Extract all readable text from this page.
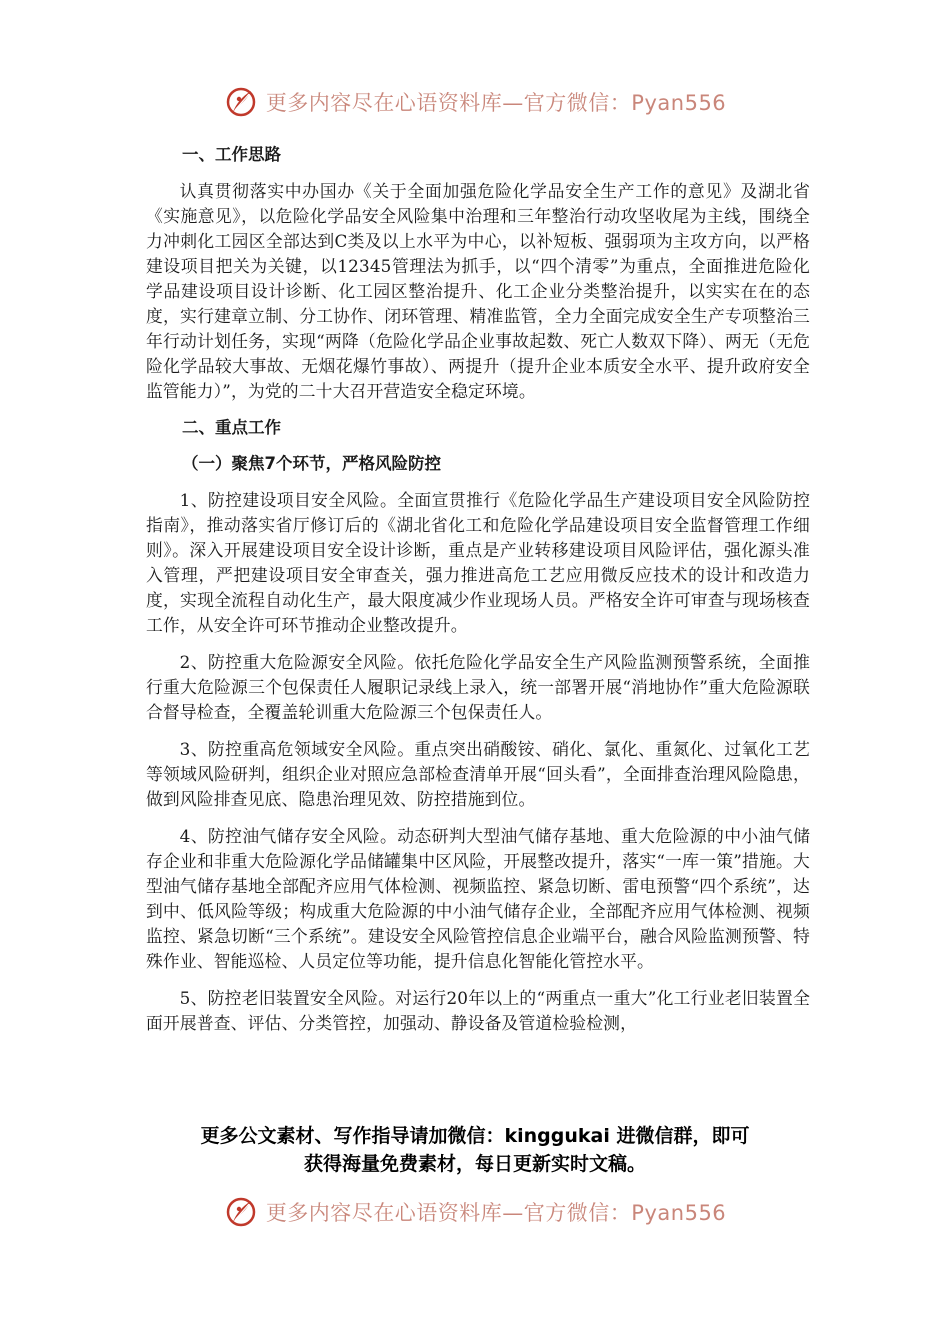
更多内容尽在心语资料库—官方微信：Pyan556
一、工作思路

认真贯彻落实中办国办《关于全面加强危险化学品安全生产工作的意见》及湖北省《实施意见》，以危险化学品安全风险集中治理和三年整治行动攻坚收尾为主线，围绕全力冲刺化工园区全部达到C类及以上水平为中心，以补短板、强弱项为主攻方向，以严格建设项目把关为关键，以12345管理法为抓手，以“四个清零”为重点，全面推进危险化学品建设项目设计诊断、化工园区整治提升、化工企业分类整治提升，以实实在在的态度，实行建章立制、分工协作、闭环管理、精准监管，全力全面完成安全生产专项整治三年行动计划任务，实现“两降（危险化学品企业事故起数、死亡人数双下降）、两无（无危险化学品较大事故、无烟花爆竹事故）、两提升（提升企业本质安全水平、提升政府安全监管能力）”，为党的二十大召开营造安全稳定环境。

二、重点工作
（一）聚焦7个环节，严格风险防控

1、防控建设项目安全风险。全面宣贯推行《危险化学品生产建设项目安全风险防控指南》，推动落实省厅修订后的《湖北省化工和危险化学品建设项目安全监督管理工作细则》。深入开展建设项目安全设计诊断，重点是产业转移建设项目风险评估，强化源头准入管理，严把建设项目安全审查关，强力推进高危工艺应用微反应技术的设计和改造力度，实现全流程自动化生产，最大限度减少作业现场人员。严格安全许可审查与现场核查工作，从安全许可环节推动企业整改提升。

2、防控重大危险源安全风险。依托危险化学品安全生产风险监测预警系统，全面推行重大危险源三个包保责任人履职记录线上录入，统一部署开展“消地协作”重大危险源联合督导检查，全覆盖轮训重大危险源三个包保责任人。

3、防控重高危领域安全风险。重点突出硝酸铵、硝化、氯化、重氮化、过氧化工艺等领域风险研判，组织企业对照应急部检查清单开展“回头看”，全面排查治理风险隐患，做到风险排查见底、隐患治理见效、防控措施到位。

4、防控油气储存安全风险。动态研判大型油气储存基地、重大危险源的中小油气储存企业和非重大危险源化学品储罐集中区风险，开展整改提升，落实“一库一策”措施。大型油气储存基地全部配齐应用气体检测、视频监控、紧急切断、雷电预警“四个系统”，达到中、低风险等级；构成重大危险源的中小油气储存企业，全部配齐应用气体检测、视频监控、紧急切断“三个系统”。建设安全风险管控信息企业端平台，融合风险监测预警、特殊作业、智能巡检、人员定位等功能，提升信息化智能化管控水平。

5、防控老旧装置安全风险。对运行20年以上的“两重点一重大”化工行业老旧装置全面开展普查、评估、分类管控，加强动、静设备及管道检验检测，

更多公文素材、写作指导请加微信：kinggukai 进微信群，即可
获得海量免费素材，每日更新实时文稿。
更多内容尽在心语资料库—官方微信：Pyan556
